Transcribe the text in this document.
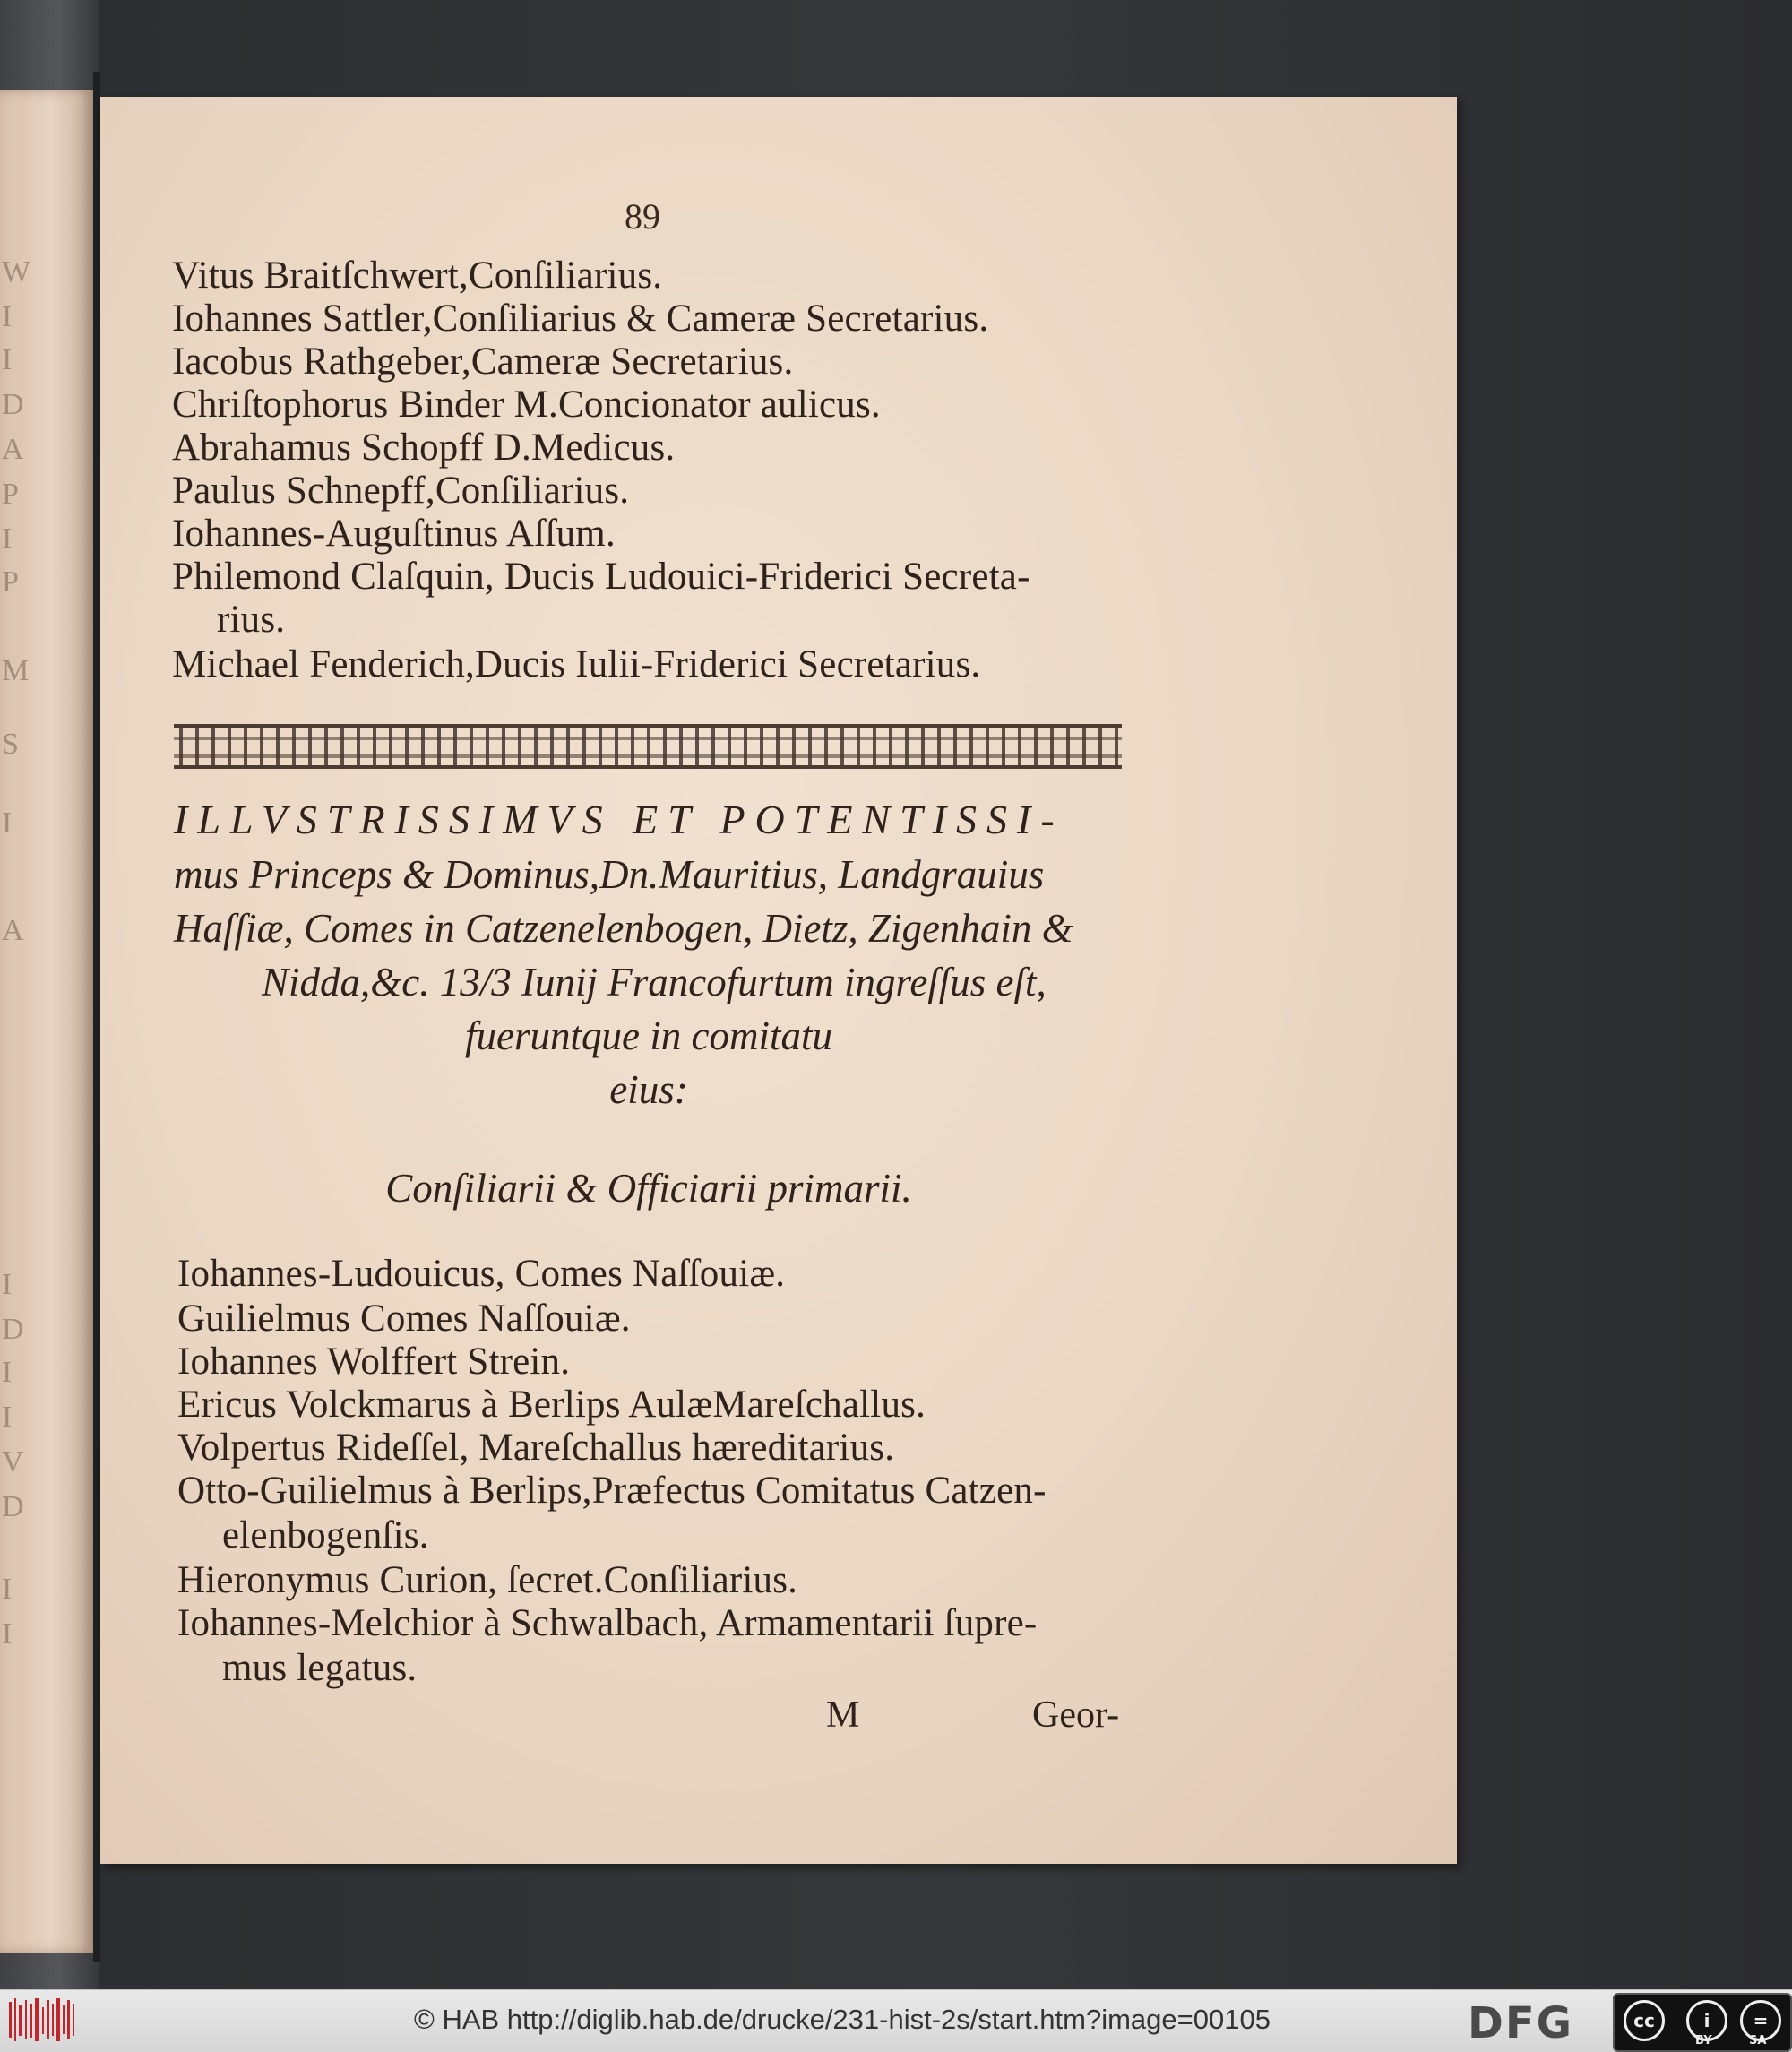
W
I
I
D
A
P
I
P
M
S
I
A
I
D
I
I
V
D
I
I
89
Vitus Braitſchwert,Conſiliarius.
Iohannes Sattler,Conſiliarius & Cameræ Secretarius.
Iacobus Rathgeber,Cameræ Secretarius.
Chriſtophorus Binder M.Concionator aulicus.
Abrahamus Schopff D.Medicus.
Paulus Schnepff,Conſiliarius.
Iohannes-Auguſtinus Aſſum.
Philemond Claſquin, Ducis Ludouici-Friderici Secreta-
rius.
Michael Fenderich,Ducis Iulii-Friderici Secretarius.
ILLVSTRISSIMVS ET POTENTISSI-
mus Princeps & Dominus,Dn.Mauritius, Landgrauius
Haſſiæ, Comes in Catzenelenbogen, Dietz, Zigenhain &
Nidda,&c. 13/3 Iunij Francofurtum ingreſſus eſt,
fueruntque in comitatu
eius:
Conſiliarii & Officiarii primarii.
Iohannes-Ludouicus, Comes Naſſouiæ.
Guilielmus Comes Naſſouiæ.
Iohannes Wolffert Strein.
Ericus Volckmarus à Berlips AulæMareſchallus.
Volpertus Rideſſel, Mareſchallus hæreditarius.
Otto-Guilielmus à Berlips,Præfectus Comitatus Catzen-
elenbogenſis.
Hieronymus Curion, ſecret.Conſiliarius.
Iohannes-Melchior à Schwalbach, Armamentarii ſupre-
mus legatus.
M	Geor-
© HAB http://diglib.hab.de/drucke/231-hist-2s/start.htm?image=00105	DFG	cc	i	=
BY	SA
